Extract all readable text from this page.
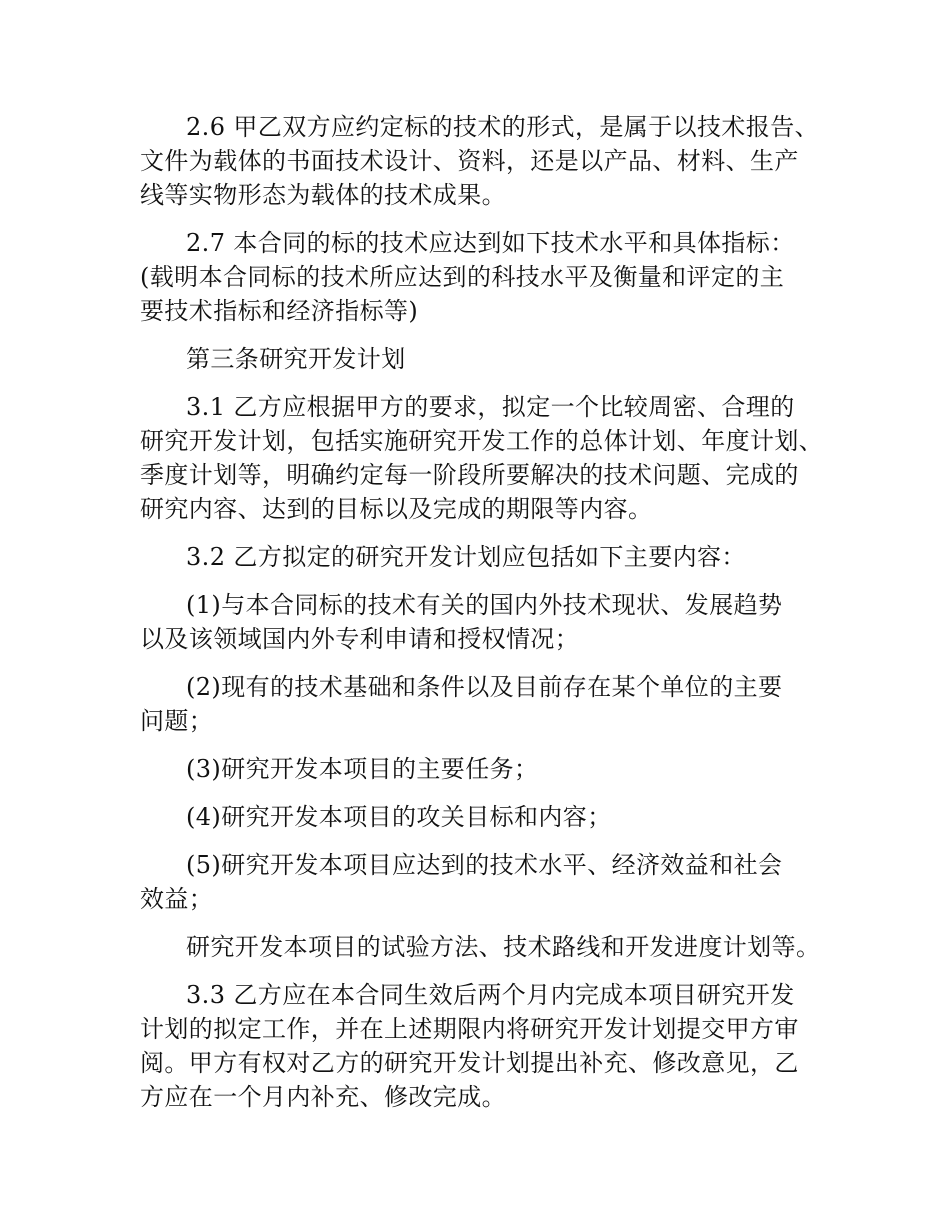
2.6 甲乙双方应约定标的技术的形式，是属于以技术报告、
文件为载体的书面技术设计、资料，还是以产品、材料、生产
线等实物形态为载体的技术成果。

2.7 本合同的标的技术应达到如下技术水平和具体指标：
(载明本合同标的技术所应达到的科技水平及衡量和评定的主
要技术指标和经济指标等)

第三条研究开发计划

3.1 乙方应根据甲方的要求，拟定一个比较周密、合理的
研究开发计划，包括实施研究开发工作的总体计划、年度计划、
季度计划等，明确约定每一阶段所要解决的技术问题、完成的
研究内容、达到的目标以及完成的期限等内容。

3.2 乙方拟定的研究开发计划应包括如下主要内容：

(1)与本合同标的技术有关的国内外技术现状、发展趋势
以及该领域国内外专利申请和授权情况；

(2)现有的技术基础和条件以及目前存在某个单位的主要
问题；

(3)研究开发本项目的主要任务；

(4)研究开发本项目的攻关目标和内容；

(5)研究开发本项目应达到的技术水平、经济效益和社会
效益；

研究开发本项目的试验方法、技术路线和开发进度计划等。

3.3 乙方应在本合同生效后两个月内完成本项目研究开发
计划的拟定工作，并在上述期限内将研究开发计划提交甲方审
阅。甲方有权对乙方的研究开发计划提出补充、修改意见，乙
方应在一个月内补充、修改完成。
